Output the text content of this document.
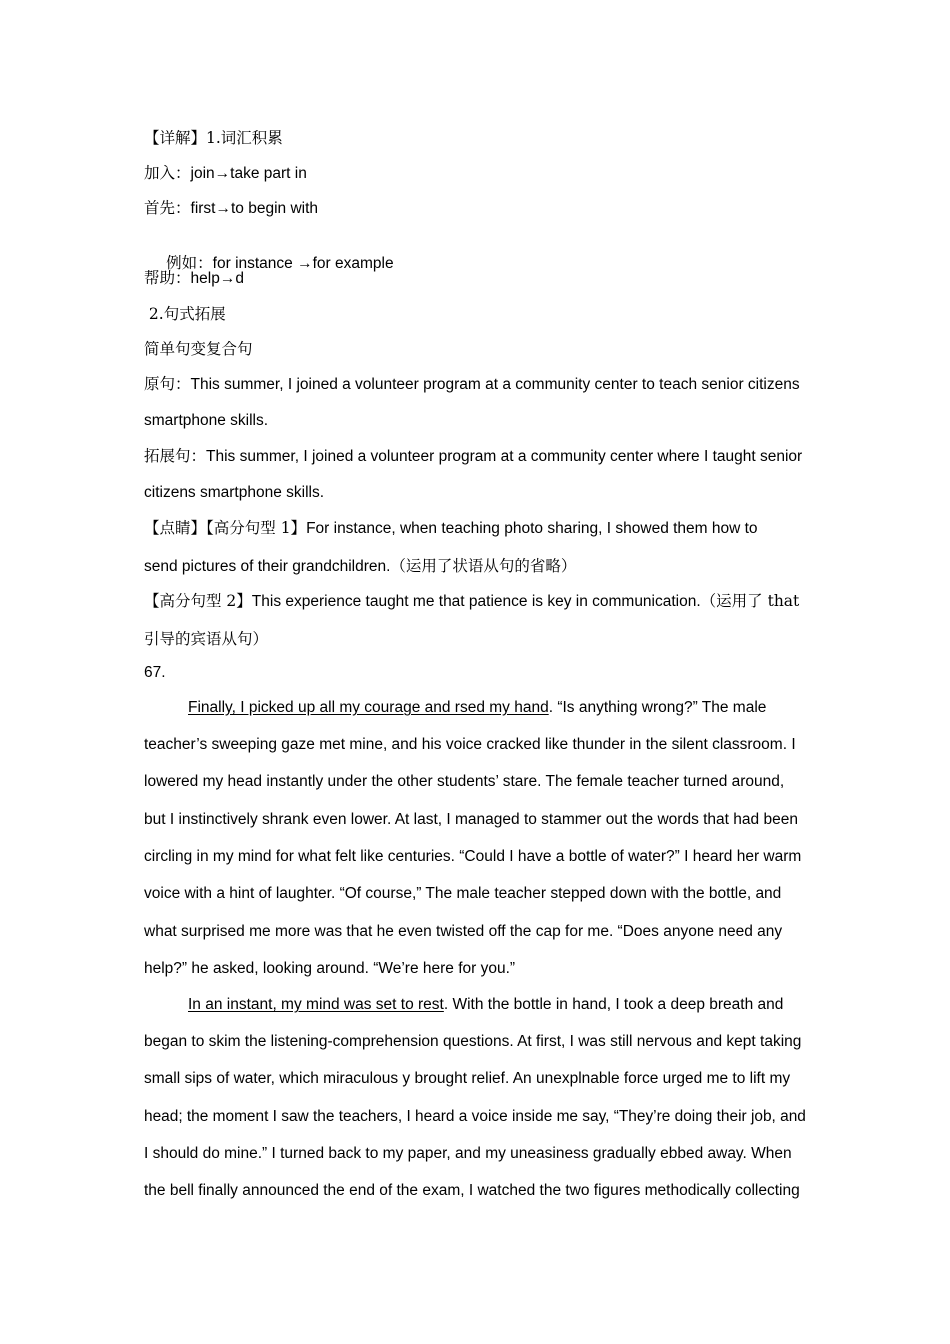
【详解】1.词汇积累
加入：join→take part in
首先：first→to begin with

例如：for instance →for example

帮助：help→d
2.句式拓展
简单句变复合句
原句：This summer, I joined a volunteer program at a community center to teach senior citizens
smartphone skills.
拓展句：This summer, I joined a volunteer program at a community center where I taught senior
citizens smartphone skills.
【点睛】【高分句型 1】For instance, when teaching photo sharing, I showed them how to
send pictures of their grandchildren.（运用了状语从句的省略）
【高分句型 2】This experience taught me that patience is key in communication.（运用了 that
引导的宾语从句）
67.
Finally, I picked up all my courage and rsed my hand. “Is anything wrong?” The male
teacher’s sweeping gaze met mine, and his voice cracked like thunder in the silent classroom. I
lowered my head instantly under the other students’ stare. The female teacher turned around,
but I instinctively shrank even lower. At last, I managed to stammer out the words that had been
circling in my mind for what felt like centuries. “Could I have a bottle of water?” I heard her warm
voice with a hint of laughter. “Of course,” The male teacher stepped down with the bottle, and
what surprised me more was that he even twisted off the cap for me. “Does anyone need any
help?” he asked, looking around. “We’re here for you.”
In an instant, my mind was set to rest. With the bottle in hand, I took a deep breath and
began to skim the listening-comprehension questions. At first, I was still nervous and kept taking
small sips of water, which miraculous y brought relief. An unexplnable force urged me to lift my
head; the moment I saw the teachers, I heard a voice inside me say, “They’re doing their job, and
I should do mine.” I turned back to my paper, and my uneasiness gradually ebbed away. When
the bell finally announced the end of the exam, I watched the two figures methodically collecting
